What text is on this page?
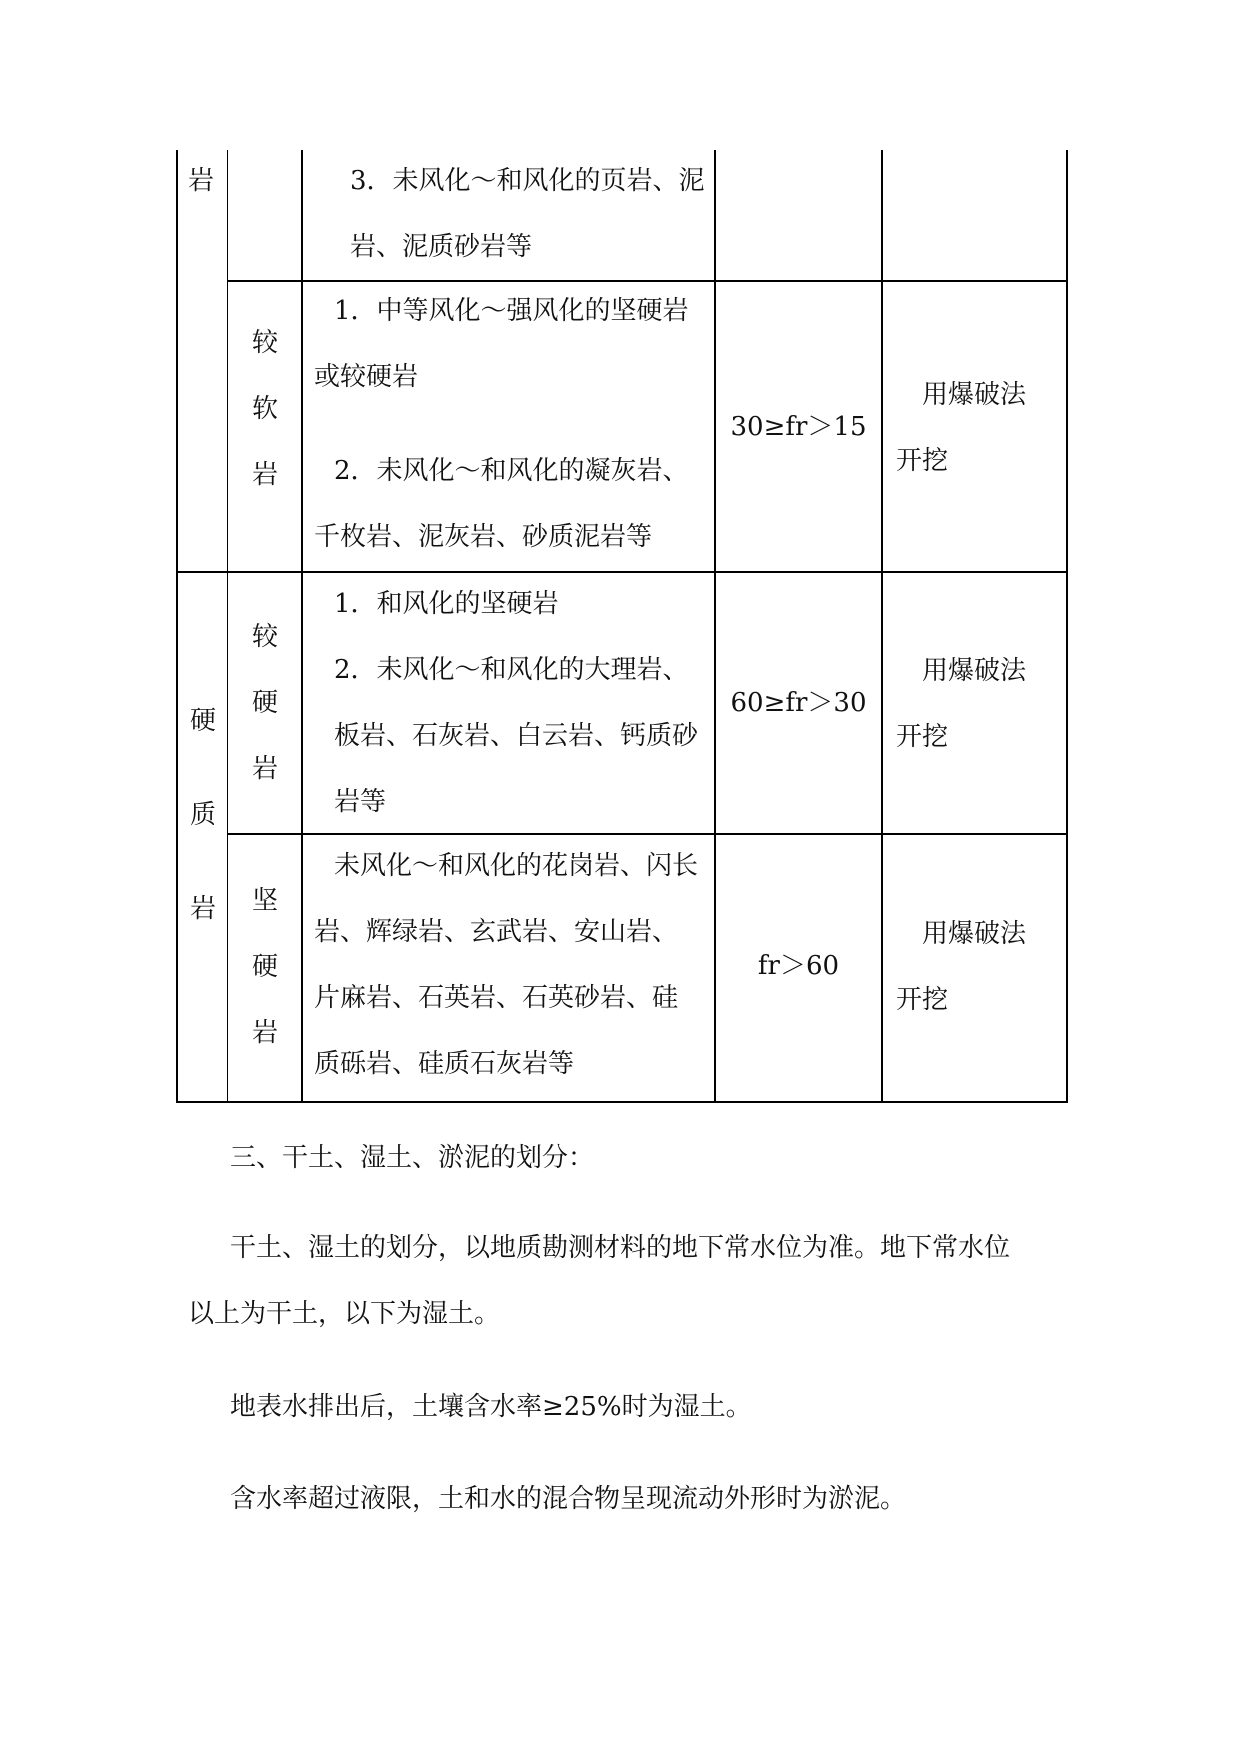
岩	3．未风化～和风化的页岩、泥
岩、泥质砂岩等
较
软
岩
1．中等风化～强风化的坚硬岩
或较硬岩
2．未风化～和风化的凝灰岩、
千枚岩、泥灰岩、砂质泥岩等
30≥fr＞15
用爆破法
开挖
较
硬
岩
1．和风化的坚硬岩
2．未风化～和风化的大理岩、
板岩、石灰岩、白云岩、钙质砂
岩等
60≥fr＞30
用爆破法
开挖
硬
质
岩 坚
硬
岩
未风化～和风化的花岗岩、闪长
岩、辉绿岩、玄武岩、安山岩、
片麻岩、石英岩、石英砂岩、硅
质砾岩、硅质石灰岩等
fr＞60
用爆破法
开挖
三、干土、湿土、淤泥的划分：
干土、湿土的划分，以地质勘测材料的地下常水位为准。地下常水位
以上为干土，以下为湿土。
地表水排出后，土壤含水率≥25%时为湿土。
含水率超过液限，土和水的混合物呈现流动外形时为淤泥。
